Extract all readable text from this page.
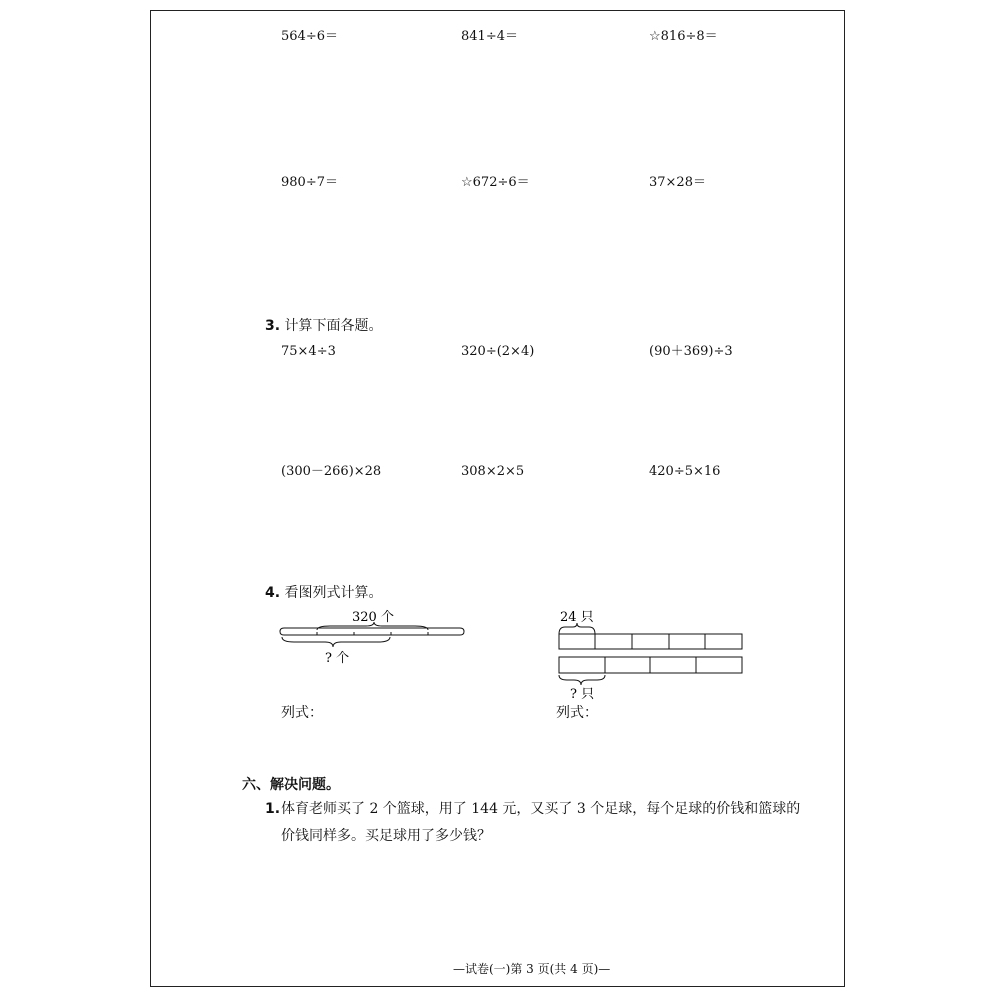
564÷6＝	841÷4＝	☆816÷8＝
980÷7＝	☆672÷6＝	37×28＝
3. 计算下面各题。
75×4÷3	320÷(2×4)	(90＋369)÷3
(300－266)×28	308×2×5	420÷5×16
4. 看图列式计算。
320 个
? 个
24 只
? 只
列式：	列式：
六、解决问题。
1. 体育老师买了 2 个篮球，用了 144 元，又买了 3 个足球，每个足球的价钱和篮球的
价钱同样多。买足球用了多少钱？
—试卷(一)第 3 页(共 4 页)—
